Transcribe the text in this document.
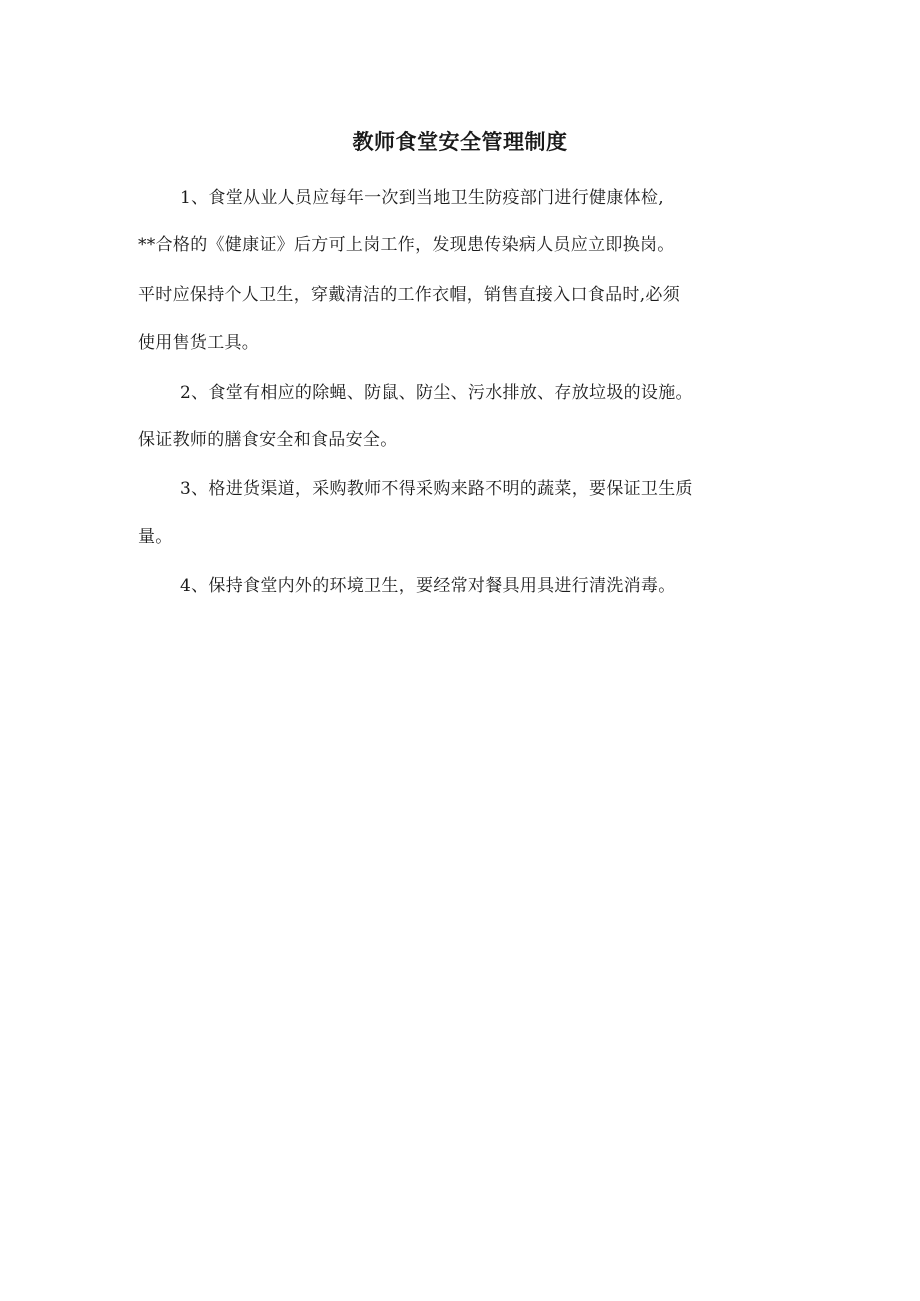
教师食堂安全管理制度
1、食堂从业人员应每年一次到当地卫生防疫部门进行健康体检,
**合格的《健康证》后方可上岗工作，发现患传染病人员应立即换岗。
平时应保持个人卫生，穿戴清洁的工作衣帽，销售直接入口食品时,必须
使用售货工具。
2、食堂有相应的除蝇、防鼠、防尘、污水排放、存放垃圾的设施。
保证教师的膳食安全和食品安全。
3、格进货渠道，采购教师不得采购来路不明的蔬菜，要保证卫生质
量。
4、保持食堂内外的环境卫生，要经常对餐具用具进行清洗消毒。
